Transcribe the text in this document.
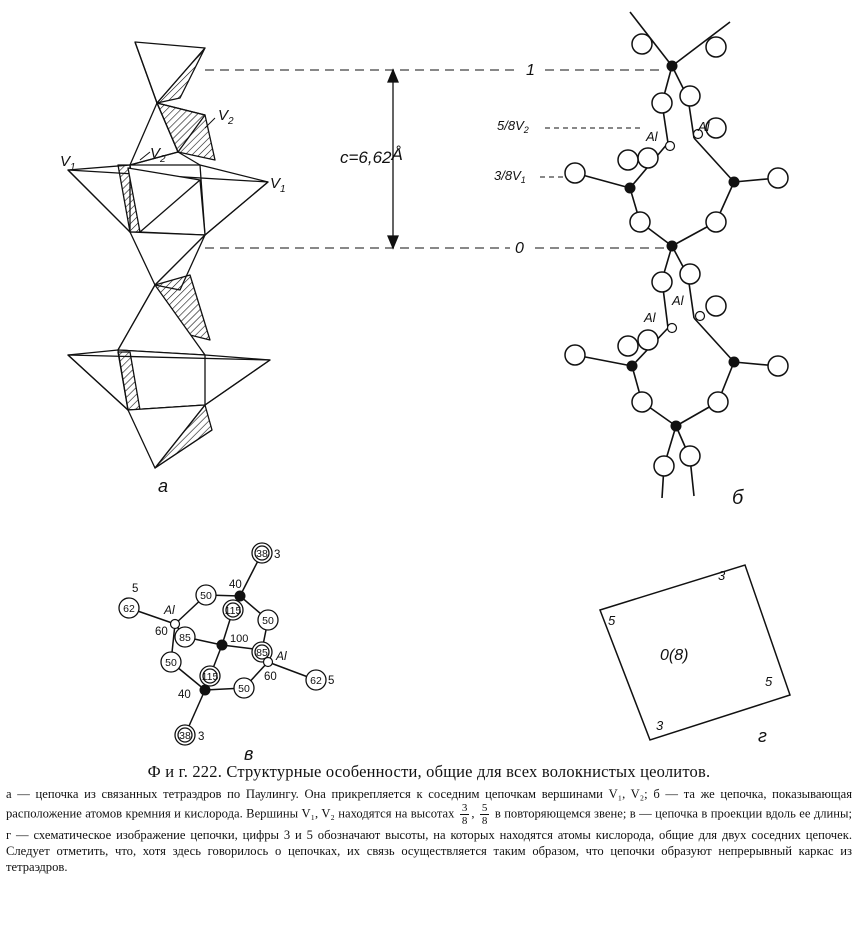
$V_1$
$V_2$
$V_2$
$V_1$
a
c=6,62Å
1
0
$5/8V_2$
$3/8V_1$
Al
Al
Al
Al
б
38
50
115
62
50
85
85
50
115
50
62
38
3
40
5
60
60	5
40
3
100
Al
Al
в
0(8)
3
5
5
3
г
Ф и г. 222. Структурные особенности, общие для всех волокнистых цеолитов.
а — цепочка из связанных тетраэдров по Паулингу. Она прикрепляется к соседним цепочкам вершинами V₁, V₂; б — та же цепочка, показывающая расположение атомов кремния и кислорода. Вершины V₁, V₂ находятся на высотах $\frac{3}{8}$ , $\frac{5}{8}$ в повторяющемся звене; в — цепочка в проекции вдоль ее длины; г — схематическое изображение цепочки, цифры 3 и 5 обозначают высоты, на которых находятся атомы кислорода, общие для двух соседних цепочек. Следует отметить, что, хотя здесь говорилось о цепочках, их связь осуществляется таким образом, что цепочки образуют непрерывный каркас из тетраэдров.
